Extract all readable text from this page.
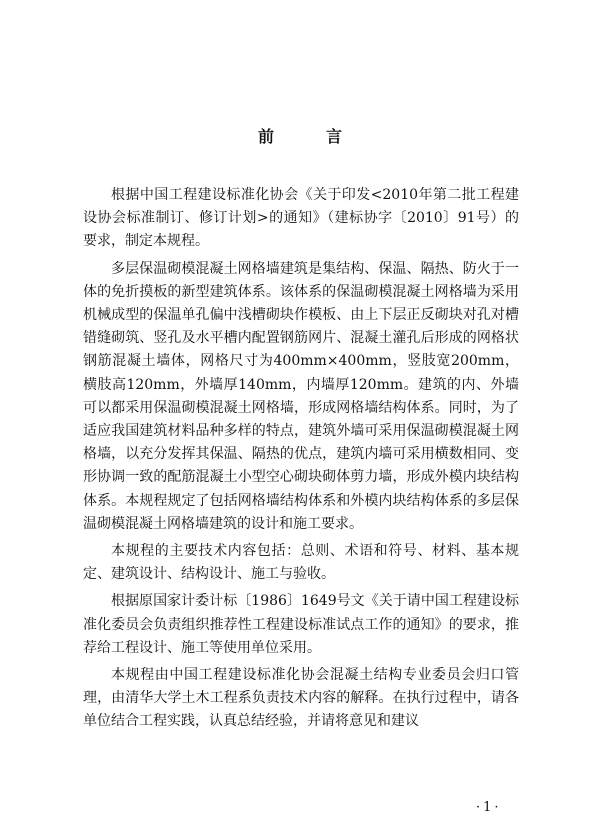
前言

根据中国工程建设标准化协会《关于印发<2010年第二批工程建设协会标准制订、修订计划>的通知》（建标协字〔2010〕91号）的要求，制定本规程。

多层保温砌模混凝土网格墙建筑是集结构、保温、隔热、防火于一体的免折摸板的新型建筑体系。该体系的保温砌模混凝土网格墙为采用机械成型的保温单孔偏中浅槽砌块作模板、由上下层正反砌块对孔对槽错缝砌筑、竖孔及水平槽内配置钢筋网片、混凝土灌孔后形成的网格状钢筋混凝土墙体，网格尺寸为400mm×400mm，竖肢宽200mm，横肢高120mm，外墙厚140mm，内墙厚120mm。建筑的内、外墙可以都采用保温砌模混凝土网格墙，形成网格墙结构体系。同时，为了适应我国建筑材料品种多样的特点，建筑外墙可采用保温砌模混凝土网格墙，以充分发挥其保温、隔热的优点，建筑内墙可采用横数相同、变形协调一致的配筋混凝土小型空心砌块砌体剪力墙，形成外模内块结构体系。本规程规定了包括网格墙结构体系和外模内块结构体系的多层保温砌模混凝土网格墙建筑的设计和施工要求。

本规程的主要技术内容包括：总则、术语和符号、材料、基本规定、建筑设计、结构设计、施工与验收。

根据原国家计委计标〔1986〕1649号文《关于请中国工程建设标准化委员会负责组织推荐性工程建设标准试点工作的通知》的要求，推荐给工程设计、施工等使用单位采用。

本规程由中国工程建设标准化协会混凝土结构专业委员会归口管理，由清华大学土木工程系负责技术内容的解释。在执行过程中，请各单位结合工程实践，认真总结经验，并请将意见和建议

·1·
